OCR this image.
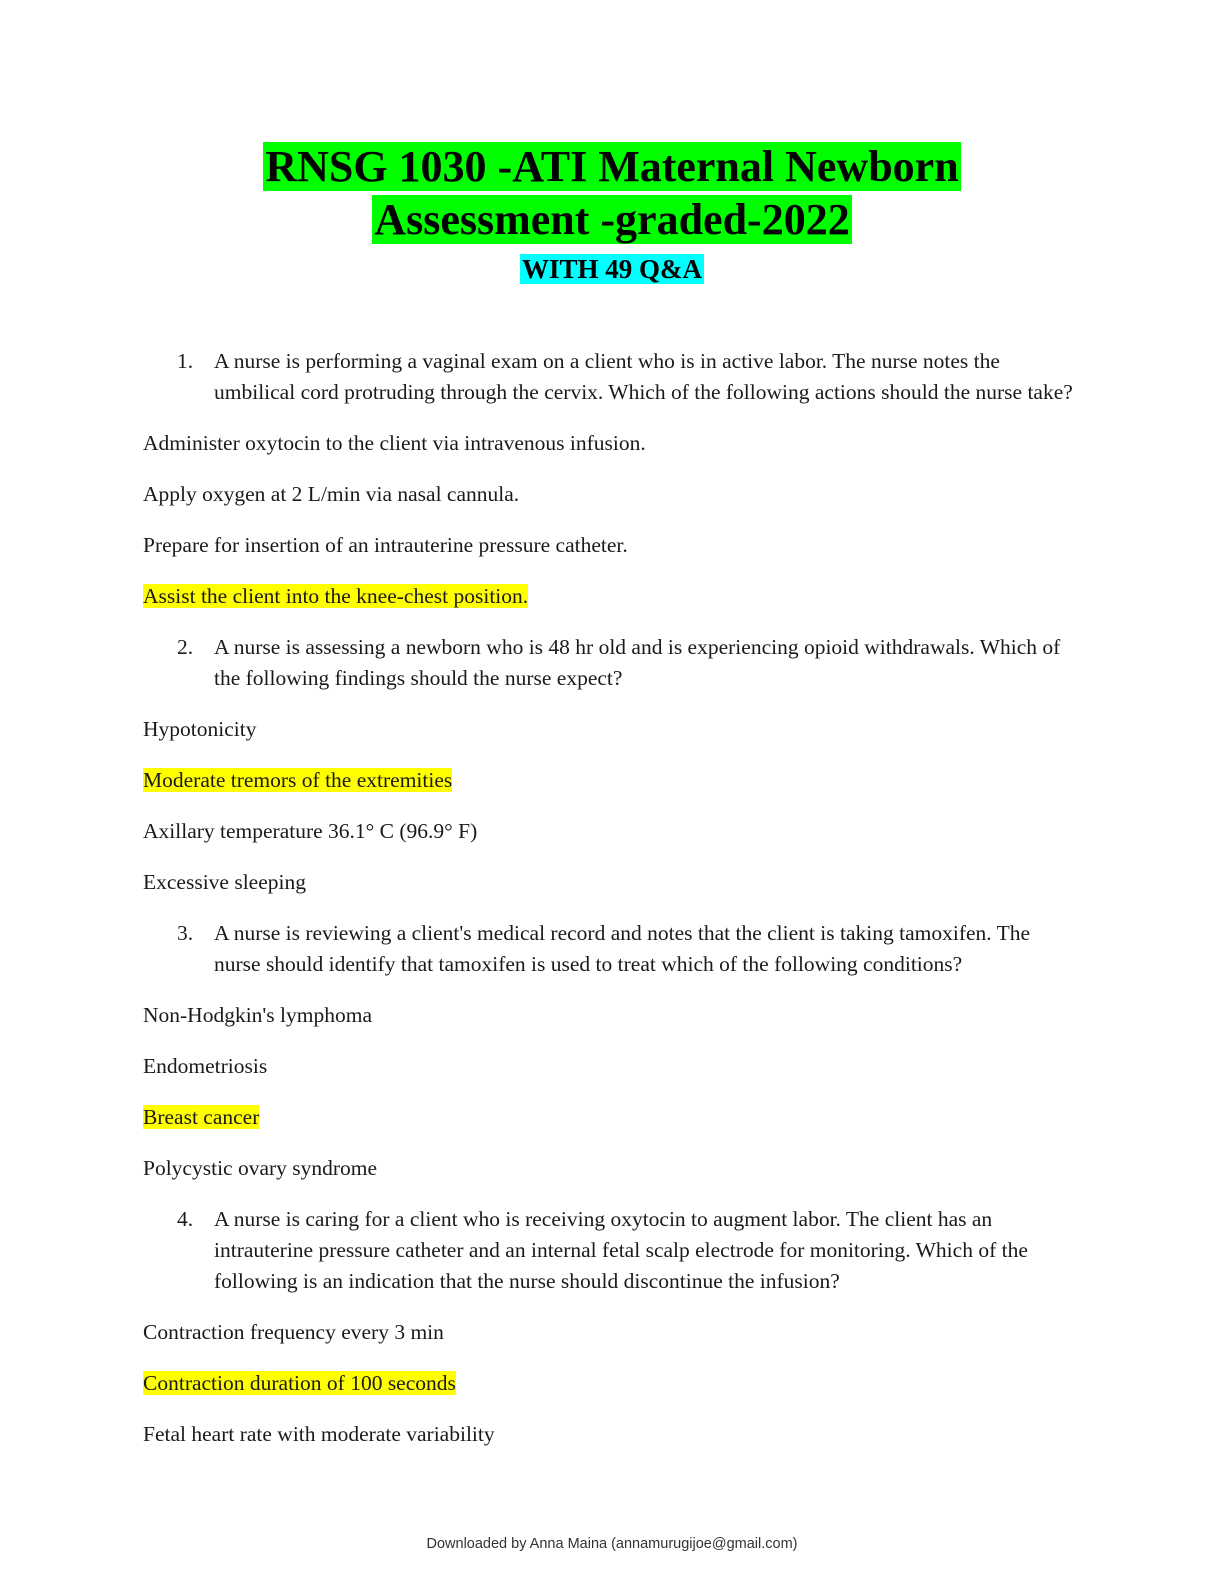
RNSG 1030 -ATI Maternal Newborn
Assessment -graded-2022
WITH 49 Q&A
1. A nurse is performing a vaginal exam on a client who is in active labor. The nurse notes the umbilical cord protruding through the cervix. Which of the following actions should the nurse take?

Administer oxytocin to the client via intravenous infusion.

Apply oxygen at 2 L/min via nasal cannula.

Prepare for insertion of an intrauterine pressure catheter.

Assist the client into the knee-chest position.

2. A nurse is assessing a newborn who is 48 hr old and is experiencing opioid withdrawals. Which of the following findings should the nurse expect?

Hypotonicity

Moderate tremors of the extremities

Axillary temperature 36.1° C (96.9° F)

Excessive sleeping

3. A nurse is reviewing a client's medical record and notes that the client is taking tamoxifen. The nurse should identify that tamoxifen is used to treat which of the following conditions?

Non-Hodgkin's lymphoma

Endometriosis

Breast cancer

Polycystic ovary syndrome

4. A nurse is caring for a client who is receiving oxytocin to augment labor. The client has an intrauterine pressure catheter and an internal fetal scalp electrode for monitoring. Which of the following is an indication that the nurse should discontinue the infusion?

Contraction frequency every 3 min

Contraction duration of 100 seconds

Fetal heart rate with moderate variability

Downloaded by Anna Maina (annamurugijoe@gmail.com)
